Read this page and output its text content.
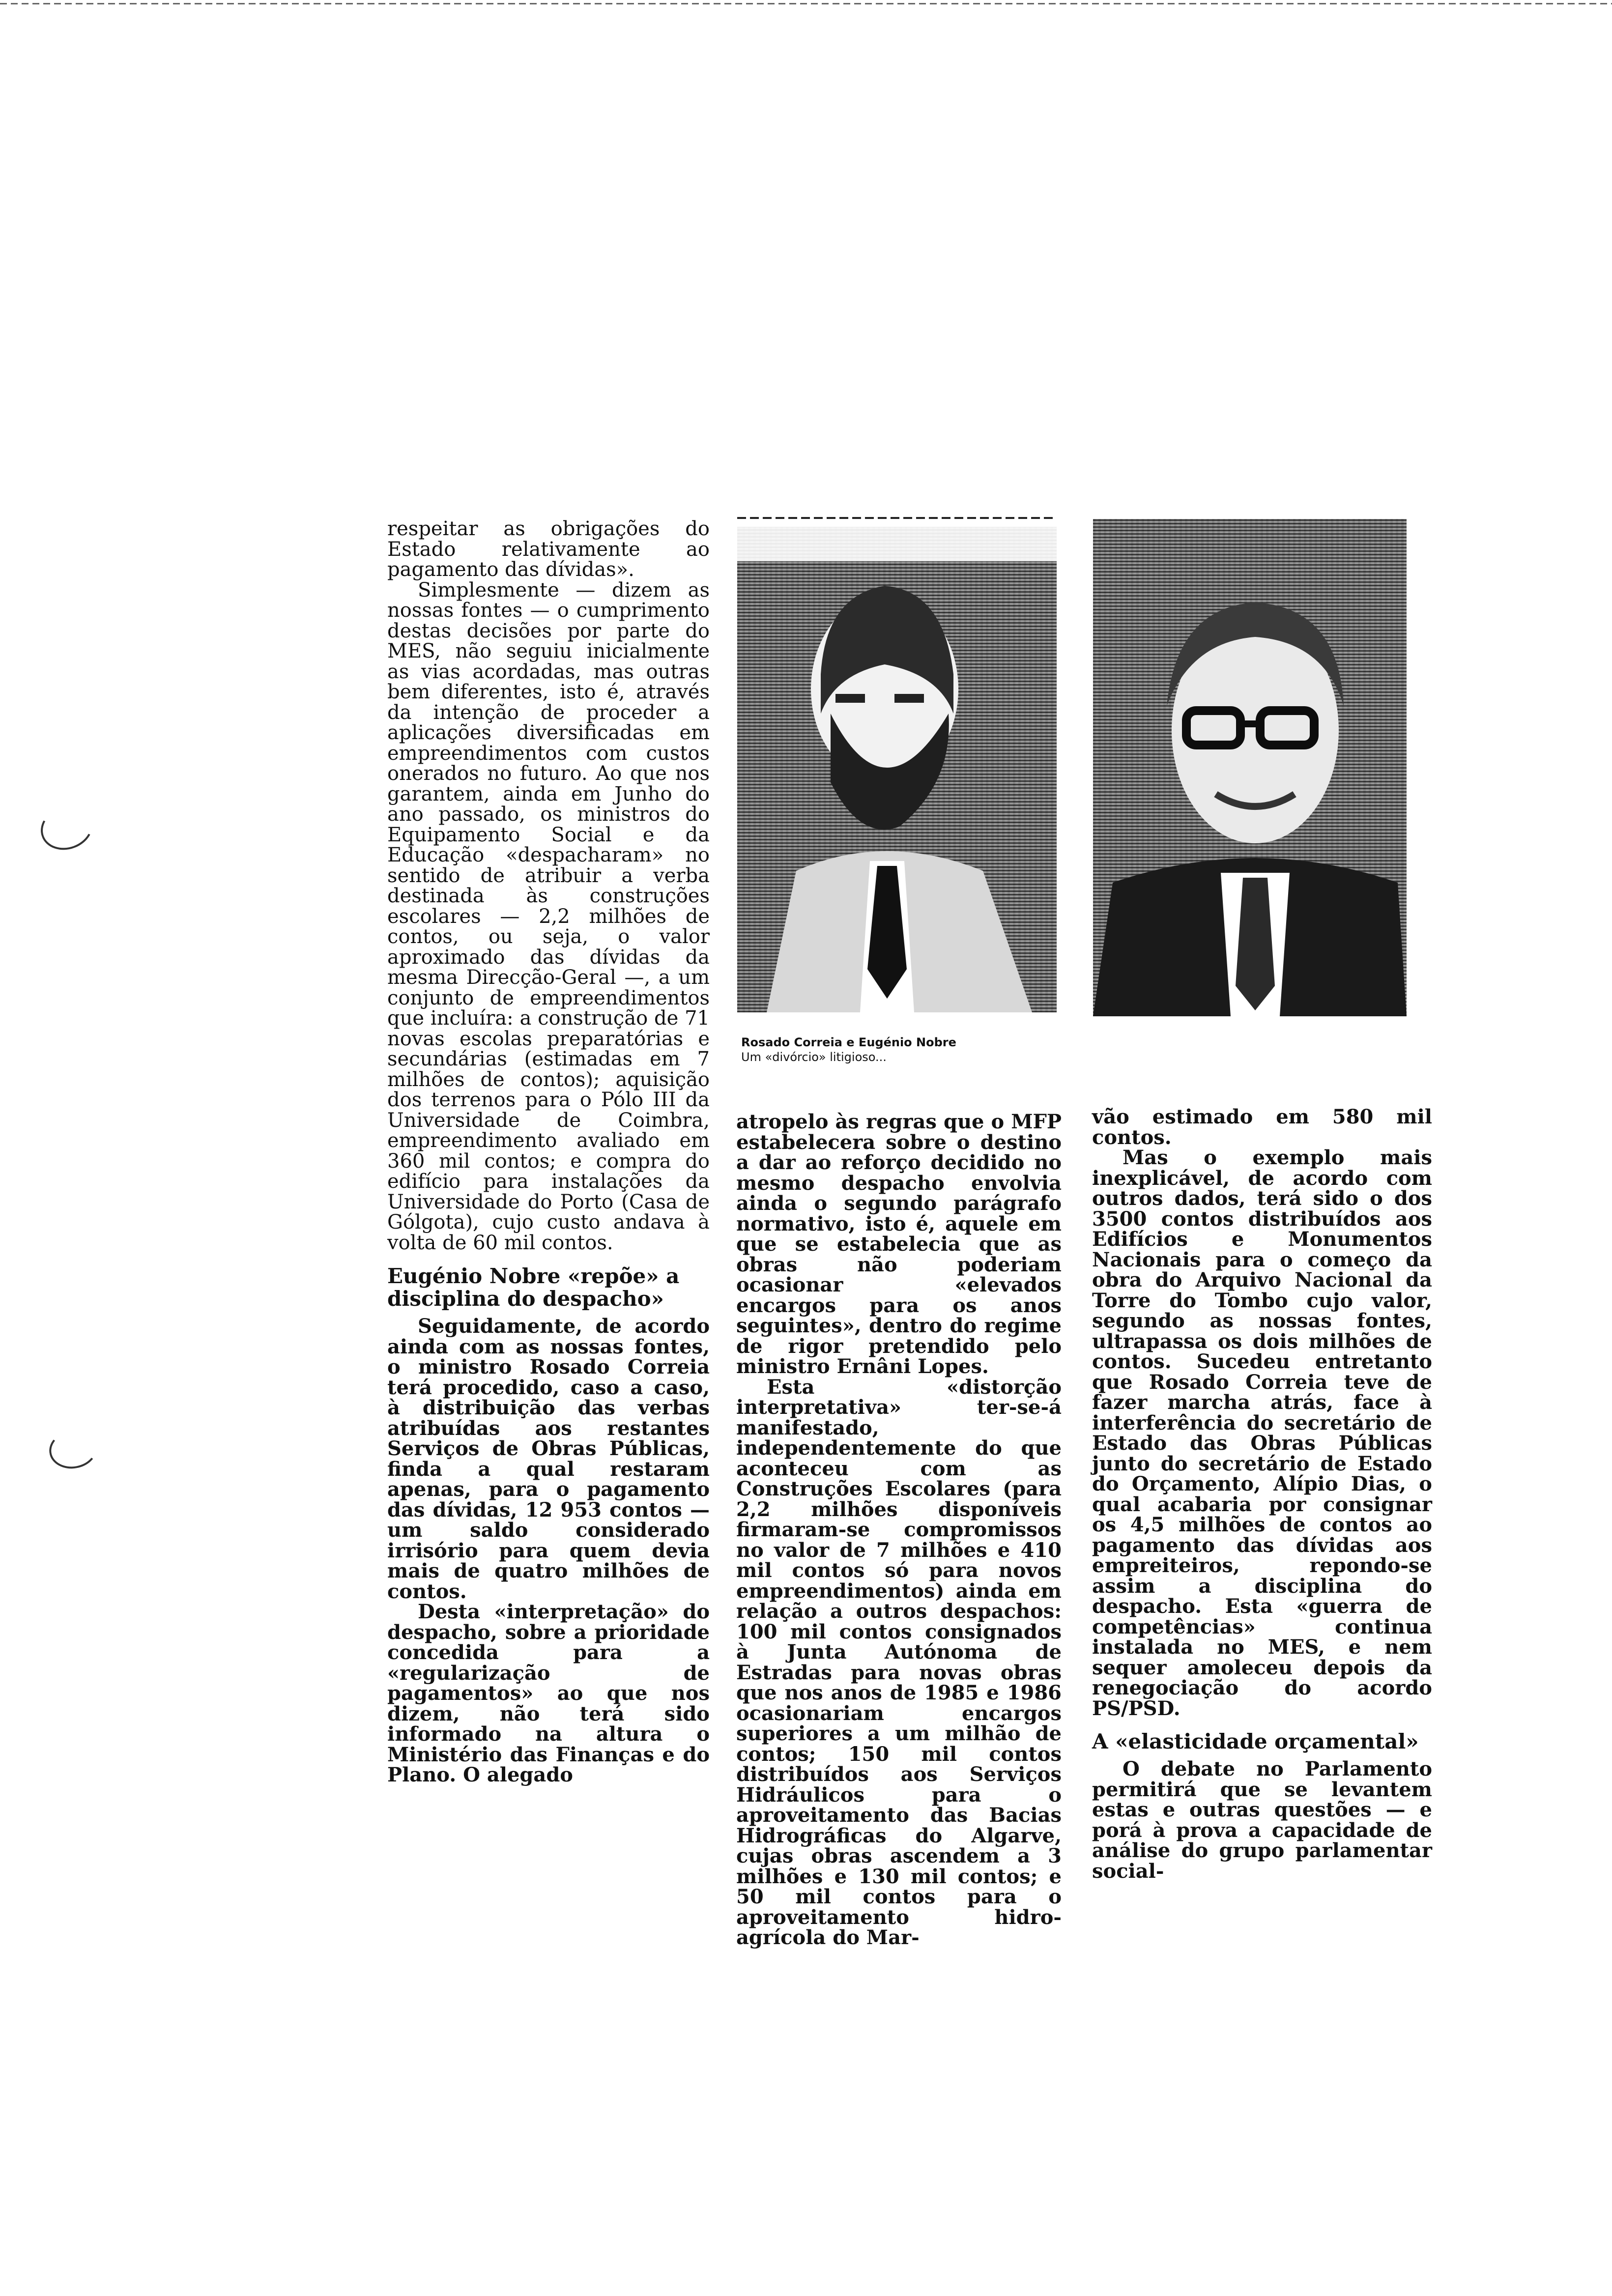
respeitar as obrigações do Estado relativamente ao pagamento das dívidas».

Simplesmente — dizem as nossas fontes — o cumprimento destas decisões por parte do MES, não seguiu inicialmente as vias acordadas, mas outras bem diferentes, isto é, através da intenção de proceder a aplicações diversificadas em empreendimentos com custos onerados no futuro. Ao que nos garantem, ainda em Junho do ano passado, os ministros do Equipamento Social e da Educação «despacharam» no sentido de atribuir a verba destinada às construções escolares — 2,2 milhões de contos, ou seja, o valor aproximado das dívidas da mesma Direcção-Geral —, a um conjunto de empreendimentos que incluíra: a construção de 71 novas escolas preparatórias e secundárias (estimadas em 7 milhões de contos); aquisição dos terrenos para o Pólo III da Universidade de Coimbra, empreendimento avaliado em 360 mil contos; e compra do edifício para instalações da Universidade do Porto (Casa de Gólgota), cujo custo andava à volta de 60 mil contos.

Eugénio Nobre «repõe» a disciplina do despacho»

Seguidamente, de acordo ainda com as nossas fontes, o ministro Rosado Correia terá procedido, caso a caso, à distribuição das verbas atribuídas aos restantes Serviços de Obras Públicas, finda a qual restaram apenas, para o pagamento das dívidas, 12 953 contos — um saldo considerado irrisório para quem devia mais de quatro milhões de contos.

Desta «interpretação» do despacho, sobre a prioridade concedida para a «regularização de pagamentos» ao que nos dizem, não terá sido informado na altura o Ministério das Finanças e do Plano. O alegado

Rosado Correia e Eugénio Nobre
Um «divórcio» litigioso...

atropelo às regras que o MFP estabelecera sobre o destino a dar ao reforço decidido no mesmo despacho envolvia ainda o segundo parágrafo normativo, isto é, aquele em que se estabelecia que as obras não poderiam ocasionar «elevados encargos para os anos seguintes», dentro do regime de rigor pretendido pelo ministro Ernâni Lopes.

Esta «distorção interpretativa» ter-se-á manifestado, independentemente do que aconteceu com as Construções Escolares (para 2,2 milhões disponíveis firmaram-se compromissos no valor de 7 milhões e 410 mil contos só para novos empreendimentos) ainda em relação a outros despachos: 100 mil contos consignados à Junta Autónoma de Estradas para novas obras que nos anos de 1985 e 1986 ocasionariam encargos superiores a um milhão de contos; 150 mil contos distribuídos aos Serviços Hidráulicos para o aproveitamento das Bacias Hidrográficas do Algarve, cujas obras ascendem a 3 milhões e 130 mil contos; e 50 mil contos para o aproveitamento hidro-agrícola do Mar-

vão estimado em 580 mil contos.

Mas o exemplo mais inexplicável, de acordo com outros dados, terá sido o dos 3500 contos distribuídos aos Edifícios e Monumentos Nacionais para o começo da obra do Arquivo Nacional da Torre do Tombo cujo valor, segundo as nossas fontes, ultrapassa os dois milhões de contos. Sucedeu entretanto que Rosado Correia teve de fazer marcha atrás, face à interferência do secretário de Estado das Obras Públicas junto do secretário de Estado do Orçamento, Alípio Dias, o qual acabaria por consignar os 4,5 milhões de contos ao pagamento das dívidas aos empreiteiros, repondo-se assim a disciplina do despacho. Esta «guerra de competências» continua instalada no MES, e nem sequer amoleceu depois da renegociação do acordo PS/PSD.

A «elasticidade orçamental»

O debate no Parlamento permitirá que se levantem estas e outras questões — e porá à prova a capacidade de análise do grupo parlamentar social-
